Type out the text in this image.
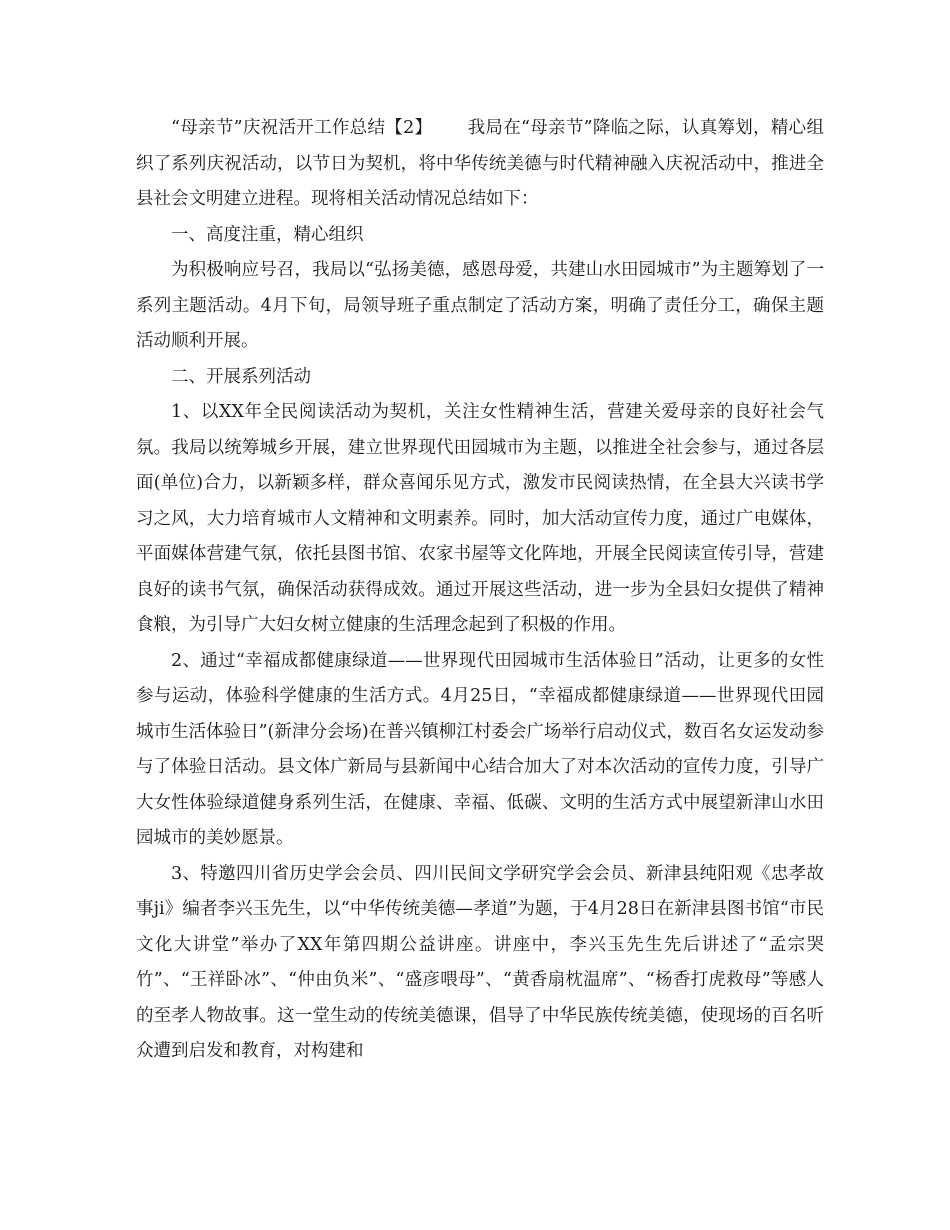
“母亲节”庆祝活开工作总结【2】   我局在“母亲节”降临之际，认真筹划，精心组织了系列庆祝活动，以节日为契机，将中华传统美德与时代精神融入庆祝活动中，推进全县社会文明建立进程。现将相关活动情况总结如下：

一、高度注重，精心组织

为积极响应号召，我局以“弘扬美德，感恩母爱，共建山水田园城市”为主题筹划了一系列主题活动。4月下旬，局领导班子重点制定了活动方案，明确了责任分工，确保主题活动顺利开展。

二、开展系列活动

1、以XX年全民阅读活动为契机，关注女性精神生活，营建关爱母亲的良好社会气氛。我局以统筹城乡开展，建立世界现代田园城市为主题，以推进全社会参与，通过各层面(单位)合力，以新颖多样，群众喜闻乐见方式，激发市民阅读热情，在全县大兴读书学习之风，大力培育城市人文精神和文明素养。同时，加大活动宣传力度，通过广电媒体，平面媒体营建气氛，依托县图书馆、农家书屋等文化阵地，开展全民阅读宣传引导，营建良好的读书气氛，确保活动获得成效。通过开展这些活动，进一步为全县妇女提供了精神食粮，为引导广大妇女树立健康的生活理念起到了积极的作用。

2、通过“幸福成都健康绿道——世界现代田园城市生活体验日”活动，让更多的女性参与运动，体验科学健康的生活方式。4月25日，“幸福成都健康绿道——世界现代田园城市生活体验日”(新津分会场)在普兴镇柳江村委会广场举行启动仪式，数百名女运发动参与了体验日活动。县文体广新局与县新闻中心结合加大了对本次活动的宣传力度，引导广大女性体验绿道健身系列生活，在健康、幸福、低碳、文明的生活方式中展望新津山水田园城市的美妙愿景。

3、特邀四川省历史学会会员、四川民间文学研究学会会员、新津县纯阳观《忠孝故事ji》编者李兴玉先生，以“中华传统美德—孝道”为题，于4月28日在新津县图书馆“市民文化大讲堂”举办了XX年第四期公益讲座。讲座中，李兴玉先生先后讲述了“孟宗哭竹”、“王祥卧冰”、“仲由负米”、“盛彦喂母”、“黄香扇枕温席”、“杨香打虎救母”等感人的至孝人物故事。这一堂生动的传统美德课，倡导了中华民族传统美德，使现场的百名听众遭到启发和教育，对构建和
